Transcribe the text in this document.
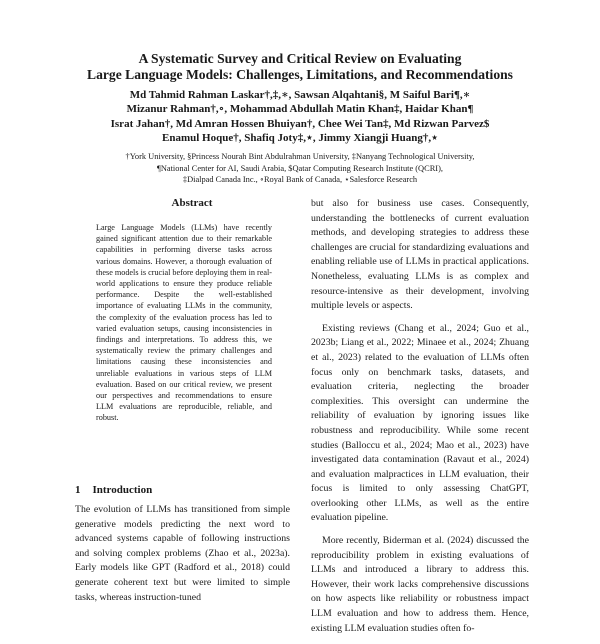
A Systematic Survey and Critical Review on Evaluating
Large Language Models: Challenges, Limitations, and Recommendations
Md Tahmid Rahman Laskar†,‡,∗, Sawsan Alqahtani§, M Saiful Bari¶,∗
Mizanur Rahman†,∘, Mohammad Abdullah Matin Khan‡, Haidar Khan¶
Israt Jahan†, Md Amran Hossen Bhuiyan†, Chee Wei Tan‡, Md Rizwan Parvez$
Enamul Hoque†, Shafiq Joty‡,⋆, Jimmy Xiangji Huang†,⋆
†York University, §Princess Nourah Bint Abdulrahman University, ‡Nanyang Technological University,
¶National Center for AI, Saudi Arabia, $Qatar Computing Research Institute (QCRI),
‡Dialpad Canada Inc., ∘Royal Bank of Canada, ⋆Salesforce Research
Abstract
Large Language Models (LLMs) have recently gained significant attention due to their remarkable capabilities in performing diverse tasks across various domains. However, a thorough evaluation of these models is crucial before deploying them in real-world applications to ensure they produce reliable performance. Despite the well-established importance of evaluating LLMs in the community, the complexity of the evaluation process has led to varied evaluation setups, causing inconsistencies in findings and interpretations. To address this, we systematically review the primary challenges and limitations causing these inconsistencies and unreliable evaluations in various steps of LLM evaluation. Based on our critical review, we present our perspectives and recommendations to ensure LLM evaluations are reproducible, reliable, and robust.
1 Introduction

The evolution of LLMs has transitioned from simple generative models predicting the next word to advanced systems capable of following instructions and solving complex problems (Zhao et al., 2023a). Early models like GPT (Radford et al., 2018) could generate coherent text but were limited to simple tasks, whereas instruction-tuned

but also for business use cases. Consequently, understanding the bottlenecks of current evaluation methods, and developing strategies to address these challenges are crucial for standardizing evaluations and enabling reliable use of LLMs in practical applications. Nonetheless, evaluating LLMs is as complex and resource-intensive as their development, involving multiple levels or aspects.

Existing reviews (Chang et al., 2024; Guo et al., 2023b; Liang et al., 2022; Minaee et al., 2024; Zhuang et al., 2023) related to the evaluation of LLMs often focus only on benchmark tasks, datasets, and evaluation criteria, neglecting the broader complexities. This oversight can undermine the reliability of evaluation by ignoring issues like robustness and reproducibility. While some recent studies (Balloccu et al., 2024; Mao et al., 2023) have investigated data contamination (Ravaut et al., 2024) and evaluation malpractices in LLM evaluation, their focus is limited to only assessing ChatGPT, overlooking other LLMs, as well as the entire evaluation pipeline.

More recently, Biderman et al. (2024) discussed the reproducibility problem in existing evaluations of LLMs and introduced a library to address this. However, their work lacks comprehensive discussions on how aspects like reliability or robustness impact LLM evaluation and how to address them. Hence, existing LLM evaluation studies often fo-
